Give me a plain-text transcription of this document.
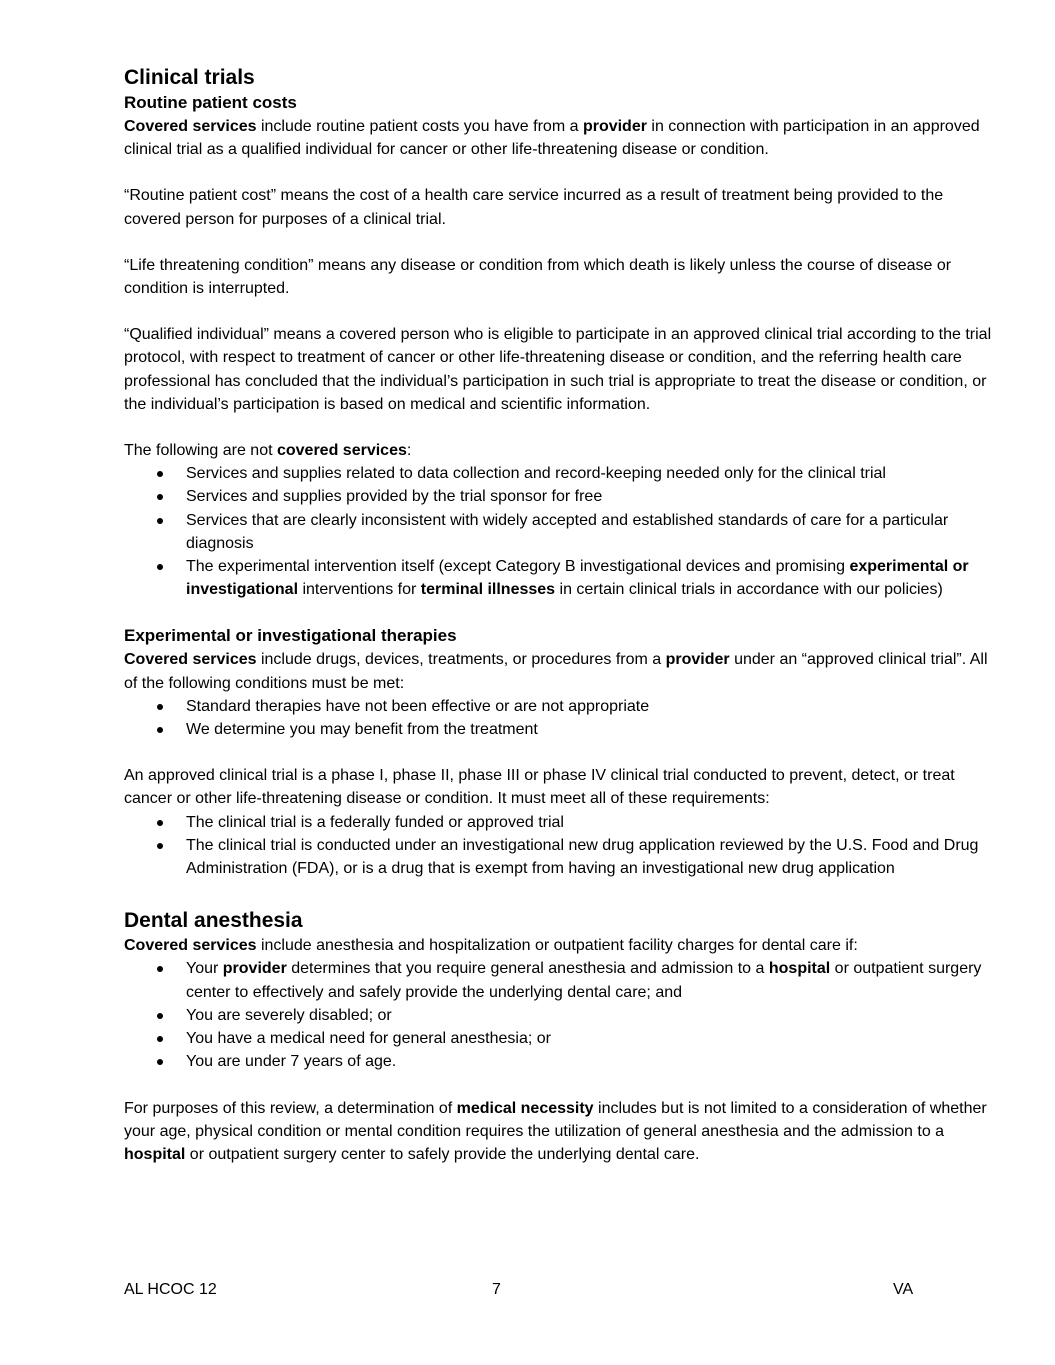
Clinical trials
Routine patient costs

Covered services include routine patient costs you have from a provider in connection with participation in an approved clinical trial as a qualified individual for cancer or other life-threatening disease or condition.

“Routine patient cost” means the cost of a health care service incurred as a result of treatment being provided to the covered person for purposes of a clinical trial.

“Life threatening condition” means any disease or condition from which death is likely unless the course of disease or condition is interrupted.

“Qualified individual” means a covered person who is eligible to participate in an approved clinical trial according to the trial protocol, with respect to treatment of cancer or other life-threatening disease or condition, and the referring health care professional has concluded that the individual’s participation in such trial is appropriate to treat the disease or condition, or the individual’s participation is based on medical and scientific information.

The following are not covered services:

Services and supplies related to data collection and record-keeping needed only for the clinical trial
Services and supplies provided by the trial sponsor for free
Services that are clearly inconsistent with widely accepted and established standards of care for a particular diagnosis
The experimental intervention itself (except Category B investigational devices and promising experimental or investigational interventions for terminal illnesses in certain clinical trials in accordance with our policies)
Experimental or investigational therapies

Covered services include drugs, devices, treatments, or procedures from a provider under an “approved clinical trial”. All of the following conditions must be met:

Standard therapies have not been effective or are not appropriate
We determine you may benefit from the treatment

An approved clinical trial is a phase I, phase II, phase III or phase IV clinical trial conducted to prevent, detect, or treat cancer or other life-threatening disease or condition. It must meet all of these requirements:

The clinical trial is a federally funded or approved trial
The clinical trial is conducted under an investigational new drug application reviewed by the U.S. Food and Drug Administration (FDA), or is a drug that is exempt from having an investigational new drug application
Dental anesthesia

Covered services include anesthesia and hospitalization or outpatient facility charges for dental care if:

Your provider determines that you require general anesthesia and admission to a hospital or outpatient surgery center to effectively and safely provide the underlying dental care; and
You are severely disabled; or
You have a medical need for general anesthesia; or
You are under 7 years of age.

For purposes of this review, a determination of medical necessity includes but is not limited to a consideration of whether your age, physical condition or mental condition requires the utilization of general anesthesia and the admission to a hospital or outpatient surgery center to safely provide the underlying dental care.

AL HCOC 12	7	VA
